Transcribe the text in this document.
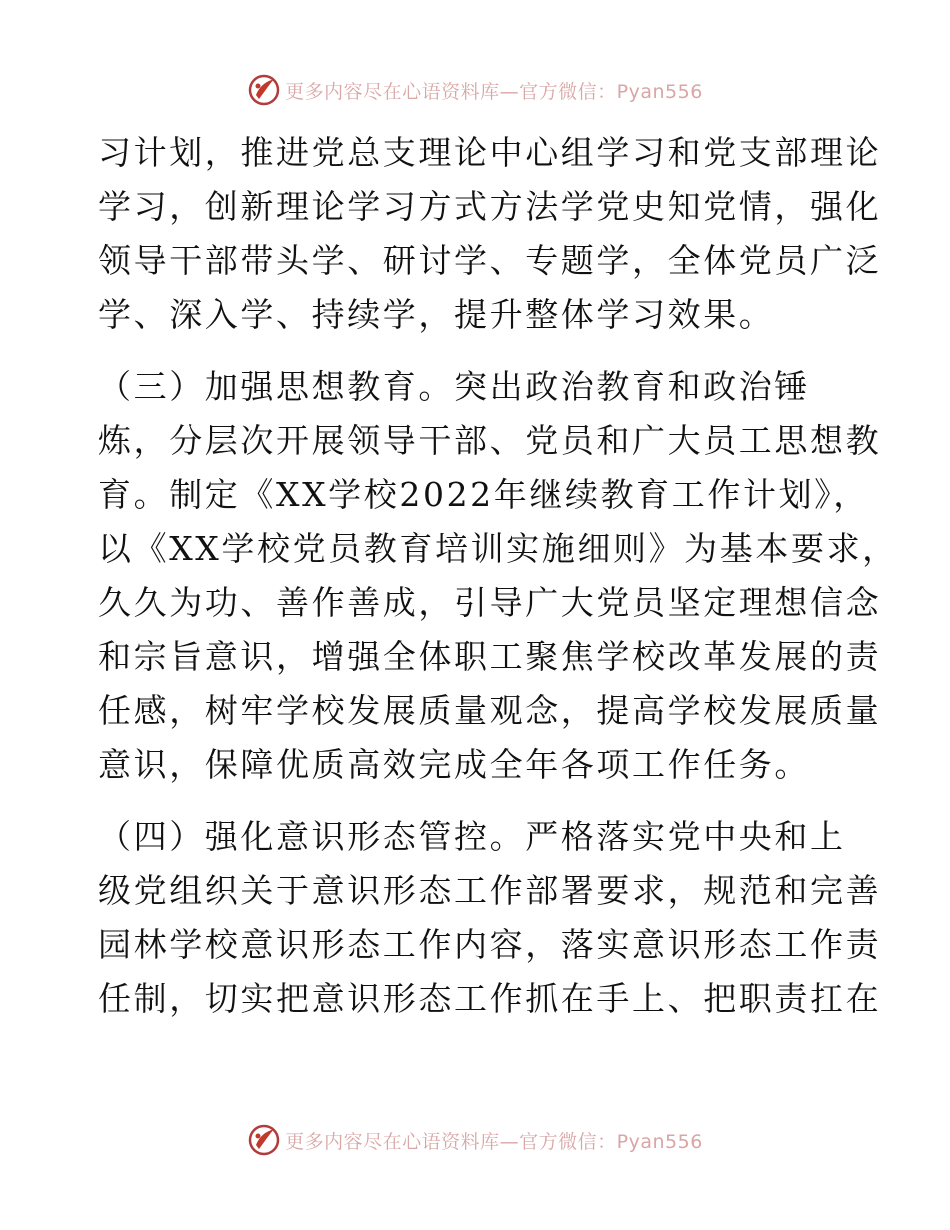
更多内容尽在心语资料库—官方微信：Pyan556

习计划，推进党总支理论中心组学习和党支部理论
学习，创新理论学习方式方法学党史知党情，强化
领导干部带头学、研讨学、专题学，全体党员广泛
学、深入学、持续学，提升整体学习效果。

（三）加强思想教育。突出政治教育和政治锤
炼，分层次开展领导干部、党员和广大员工思想教
育。制定《XX学校2022年继续教育工作计划》，
以《XX学校党员教育培训实施细则》为基本要求，
久久为功、善作善成，引导广大党员坚定理想信念
和宗旨意识，增强全体职工聚焦学校改革发展的责
任感，树牢学校发展质量观念，提高学校发展质量
意识，保障优质高效完成全年各项工作任务。

（四）强化意识形态管控。严格落实党中央和上
级党组织关于意识形态工作部署要求，规范和完善
园林学校意识形态工作内容，落实意识形态工作责
任制，切实把意识形态工作抓在手上、把职责扛在

更多内容尽在心语资料库—官方微信：Pyan556
